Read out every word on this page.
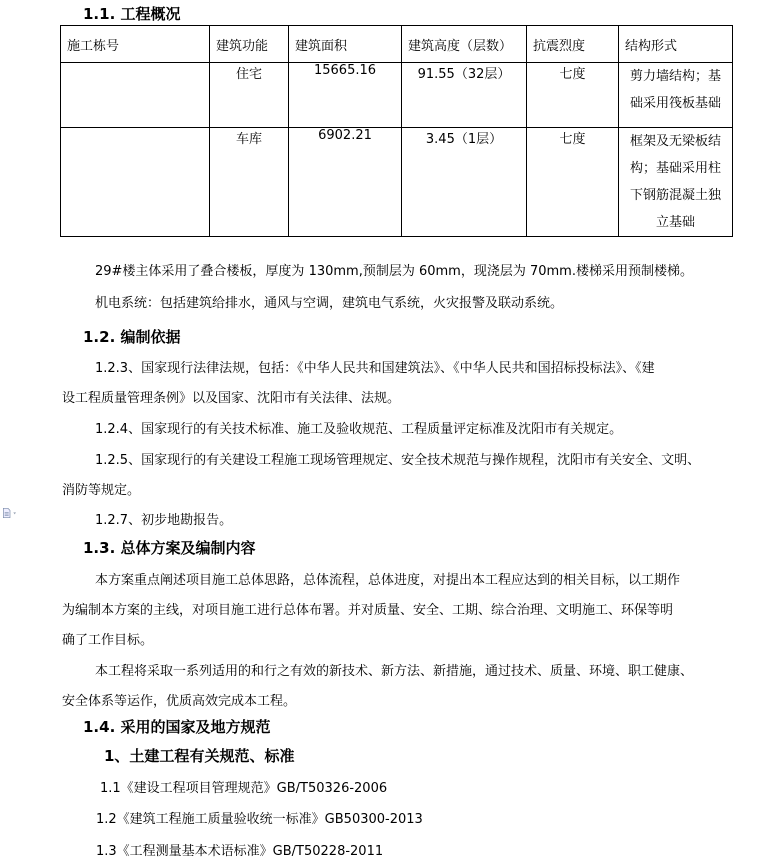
1.1. 工程概况
施工栋号	建筑功能	建筑面积	建筑高度（层数）	抗震烈度	结构形式
	住宅	15665.16	91.55（32层）	七度	剪力墙结构；基础采用筏板基础
	车库	6902.21	3.45（1层）	七度	框架及无梁板结构；基础采用柱下钢筋混凝土独立基础
29#楼主体采用了叠合楼板，厚度为 130mm,预制层为 60mm，现浇层为 70mm.楼梯采用预制楼梯。
机电系统：包括建筑给排水，通风与空调，建筑电气系统，火灾报警及联动系统。
1.2. 编制依据
1.2.3、国家现行法律法规，包括：《中华人民共和国建筑法》、《中华人民共和国招标投标法》、《建
设工程质量管理条例》以及国家、沈阳市有关法律、法规。
1.2.4、国家现行的有关技术标准、施工及验收规范、工程质量评定标准及沈阳市有关规定。
1.2.5、国家现行的有关建设工程施工现场管理规定、安全技术规范与操作规程，沈阳市有关安全、文明、
消防等规定。
1.2.7、初步地勘报告。
1.3. 总体方案及编制内容
本方案重点阐述项目施工总体思路，总体流程，总体进度，对提出本工程应达到的相关目标，以工期作
为编制本方案的主线，对项目施工进行总体布署。并对质量、安全、工期、综合治理、文明施工、环保等明
确了工作目标。
本工程将采取一系列适用的和行之有效的新技术、新方法、新措施，通过技术、质量、环境、职工健康、
安全体系等运作，优质高效完成本工程。
1.4. 采用的国家及地方规范
1、土建工程有关规范、标准
1.1《建设工程项目管理规范》GB/T50326-2006
1.2《建筑工程施工质量验收统一标准》GB50300-2013
1.3《工程测量基本术语标准》GB/T50228-2011
